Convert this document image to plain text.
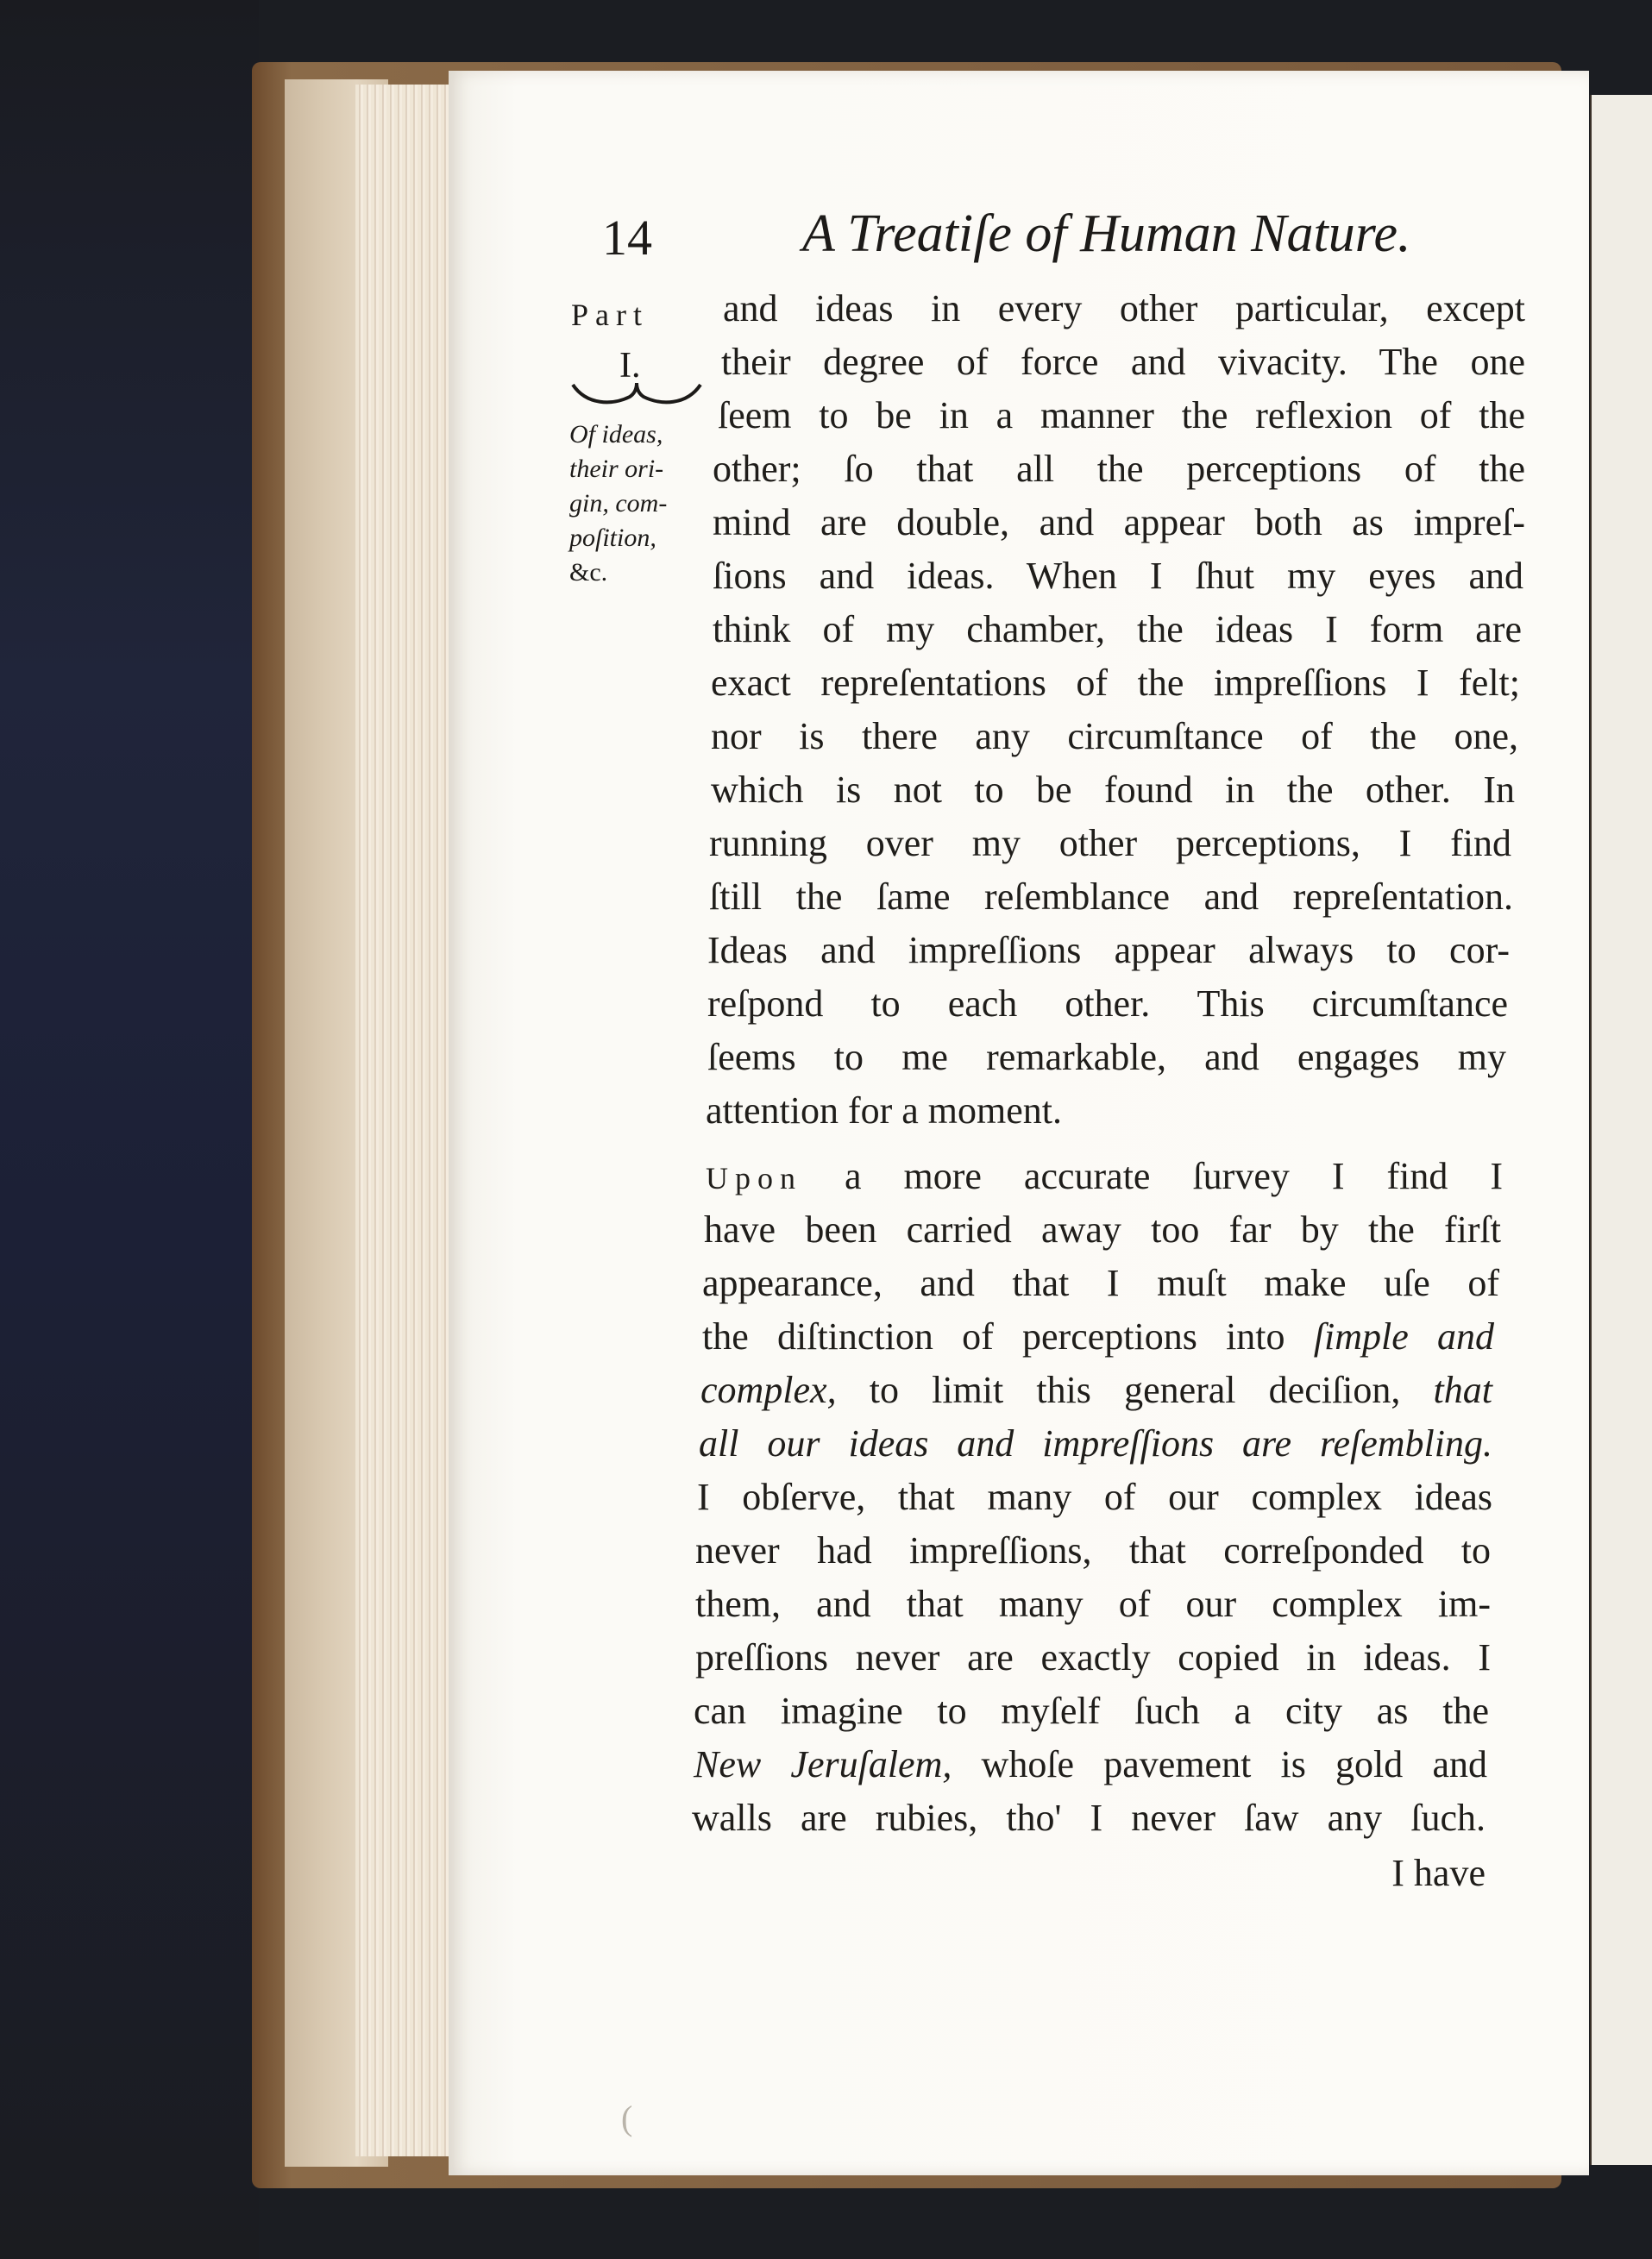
14	A Treatiſe of Human Nature.
Part
I.
Of ideas,
their ori-
gin, com-
poſition,
&c.
and ideas in every other particular, except
their degree of force and vivacity. The one
ſeem to be in a manner the reflexion of the
other; ſo that all the perceptions of the
mind are double, and appear both as impreſ-
ſions and ideas. When I ſhut my eyes and
think of my chamber, the ideas I form are
exact repreſentations of the impreſſions I felt;
nor is there any circumſtance of the one,
which is not to be found in the other. In
running over my other perceptions, I find
ſtill the ſame reſemblance and repreſentation.
Ideas and impreſſions appear always to cor-
reſpond to each other. This circumſtance
ſeems to me remarkable, and engages my
attention for a moment.
Upon a more accurate ſurvey I find I
have been carried away too far by the firſt
appearance, and that I muſt make uſe of
the diſtinction of perceptions into ſimple and
complex, to limit this general deciſion, that
all our ideas and impreſſions are reſembling.
I obſerve, that many of our complex ideas
never had impreſſions, that correſponded to
them, and that many of our complex im-
preſſions never are exactly copied in ideas. I
can imagine to myſelf ſuch a city as the
New Jeruſalem, whoſe pavement is gold and
walls are rubies, tho' I never ſaw any ſuch.
I have
(
